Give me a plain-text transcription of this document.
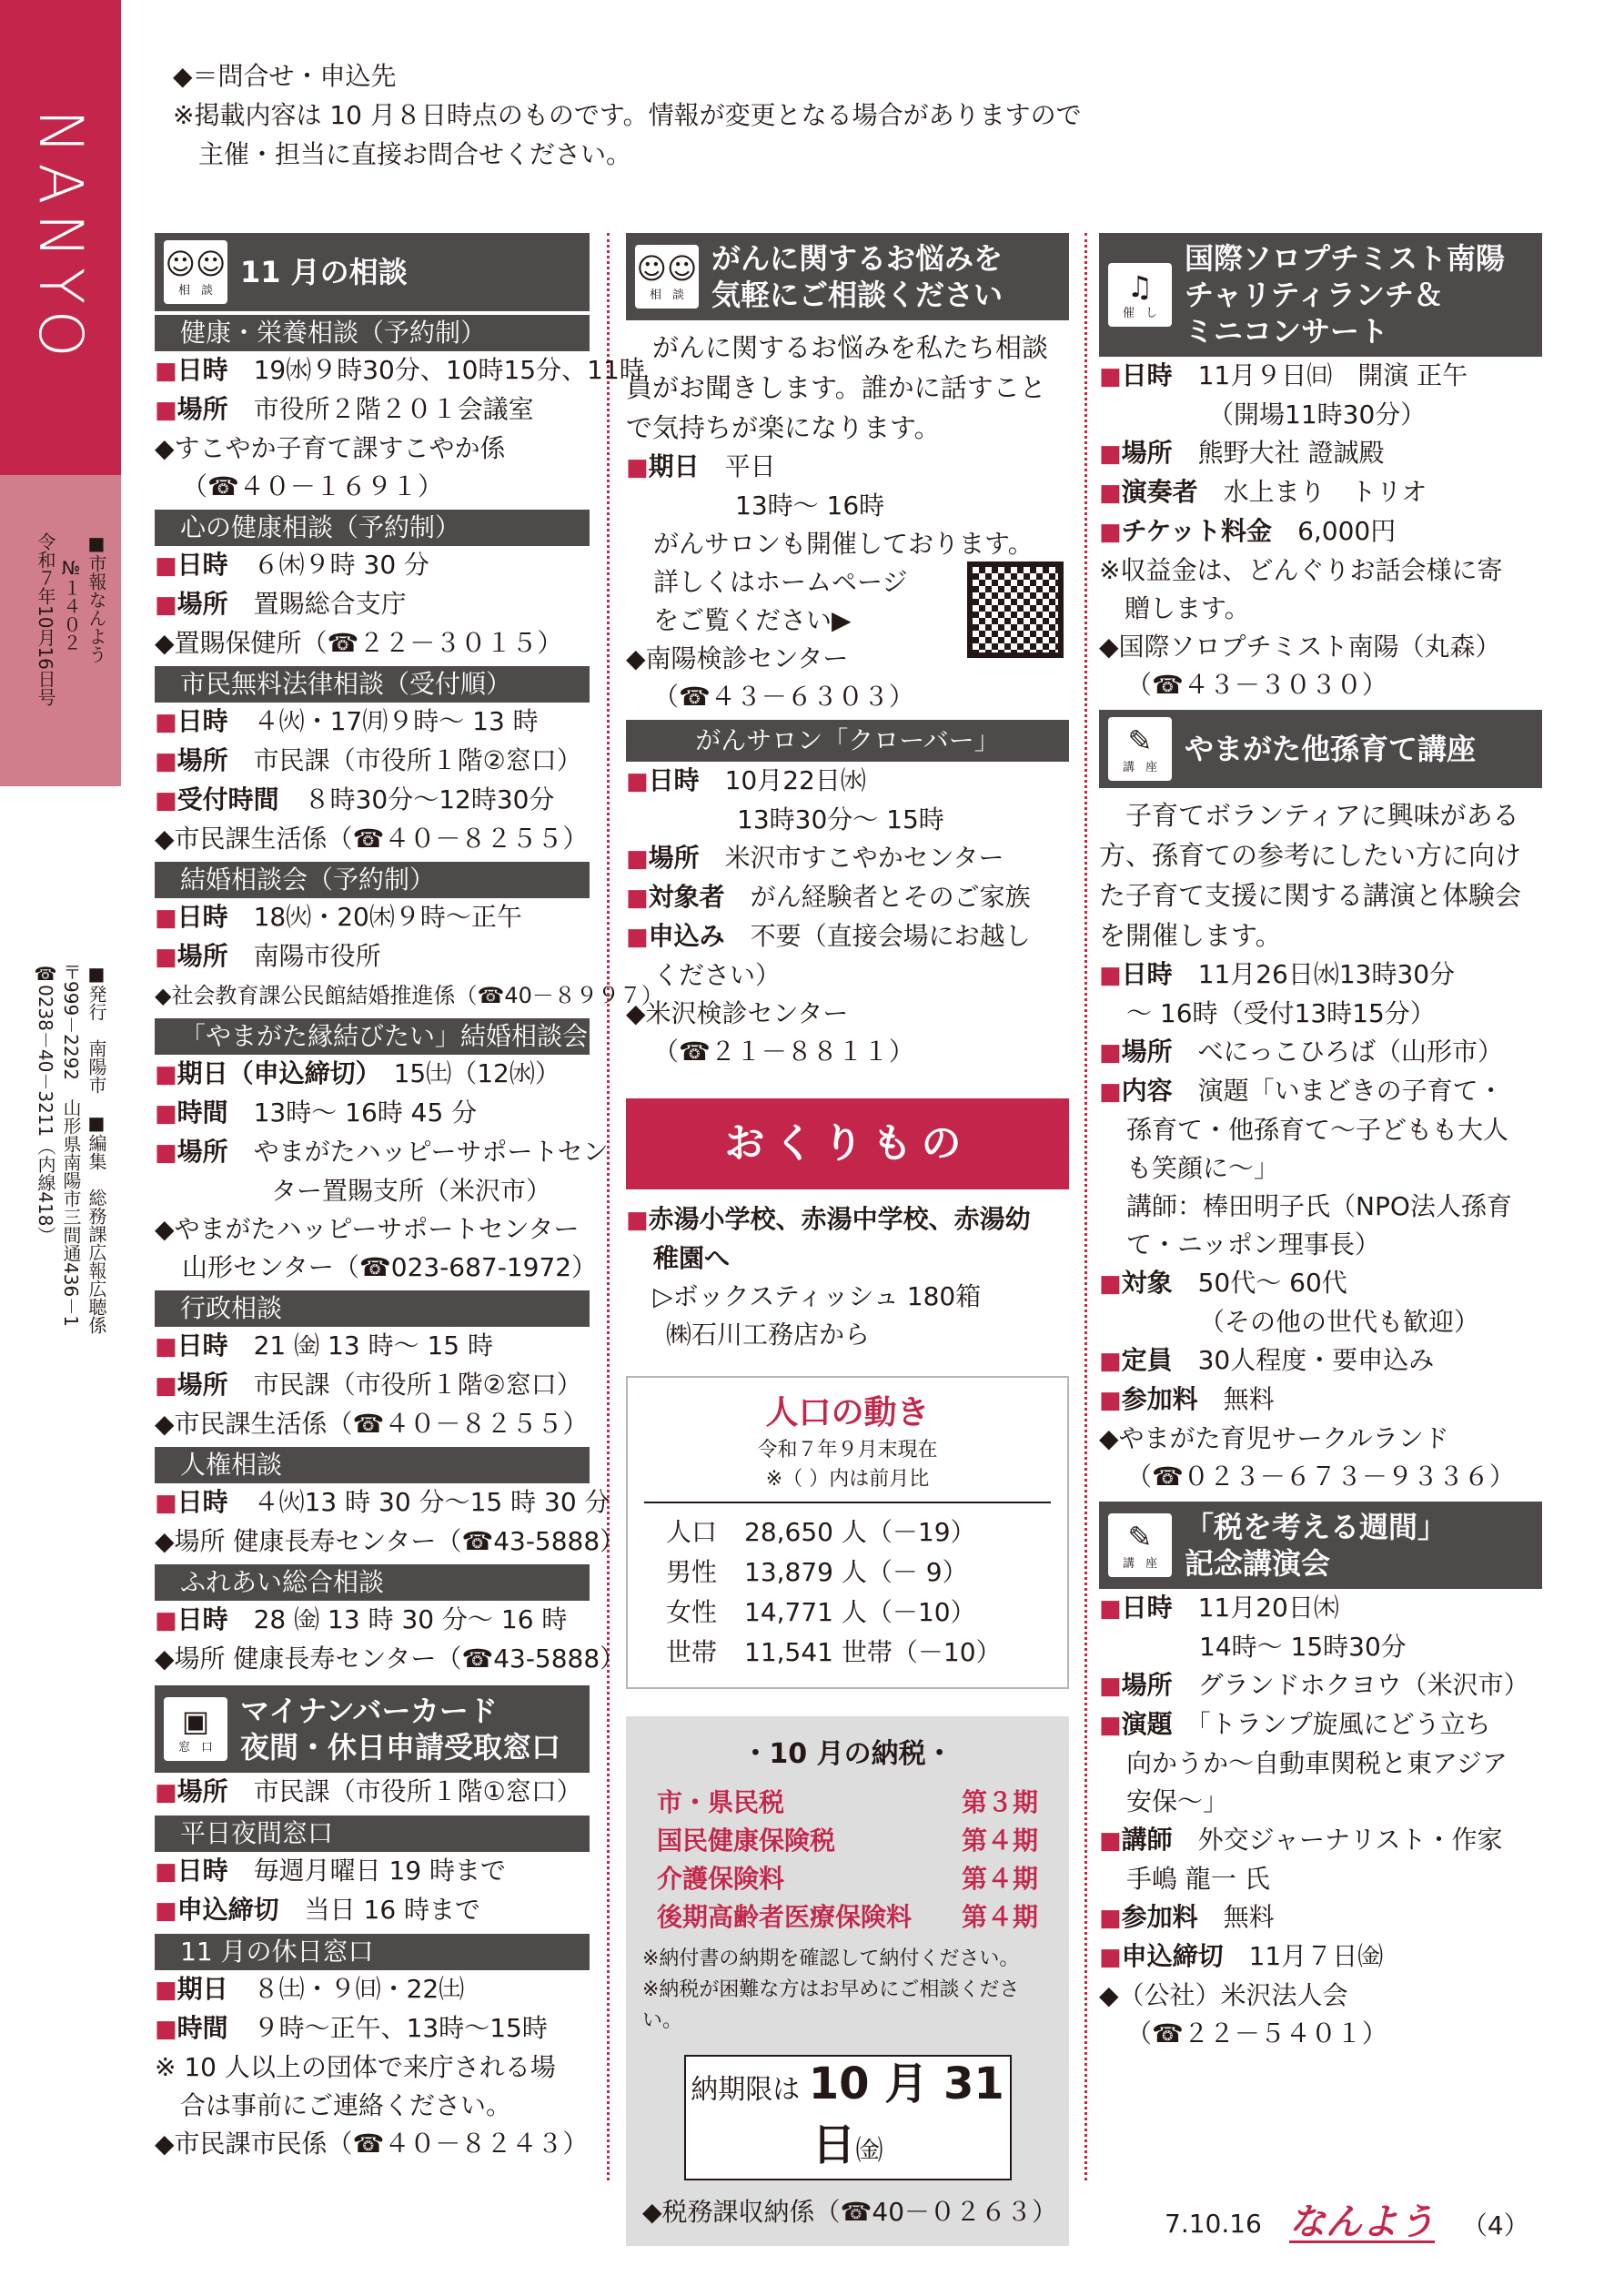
NANYO
■市報なんよう
№１４０２
令和７年10月16日号
■発行　南陽市　■編集　総務課広報広聴係
〒999－2292　山形県南陽市三間通436－1
☎0238－40－3211（内線418）
◆＝問合せ・申込先
※掲載内容は 10 月８日時点のものです。情報が変更となる場合がありますので
　主催・担当に直接お問合せください。
☺☺
相談
11 月の相談
健康・栄養相談（予約制）
■日時　 19㈬９時30分、10時15分、11時
■場所　 市役所２階２０１会議室
◆すこやか子育て課すこやか係
（☎４０－１６９１）
心の健康相談（予約制）
■日時　 ６㈭９時 30 分
■場所　 置賜総合支庁
◆置賜保健所（☎２２－３０１５）
市民無料法律相談（受付順）
■日時　 ４㈫・17㈪９時～ 13 時
■場所　 市民課（市役所１階②窓口）
■受付時間　 ８時30分～12時30分
◆市民課生活係（☎４０－８２５５）
結婚相談会（予約制）
■日時　 18㈫・20㈭９時～正午
■場所　 南陽市役所
◆社会教育課公民館結婚推進係（☎40－８９９７）
「やまがた縁結びたい」結婚相談会
■期日（申込締切）　 15㈯（12㈬）
■時間　 13時～ 16時 45 分
■場所　 やまがたハッピーサポートセン
ター置賜支所（米沢市）
◆やまがたハッピーサポートセンター
山形センター（☎023-687-1972）
行政相談
■日時　 21 ㈮ 13 時～ 15 時
■場所　 市民課（市役所１階②窓口）
◆市民課生活係（☎４０－８２５５）
人権相談
■日時　 ４㈫13 時 30 分～15 時 30 分
◆場所 健康長寿センター（☎43-5888）
ふれあい総合相談
■日時　 28 ㈮ 13 時 30 分～ 16 時
◆場所 健康長寿センター（☎43-5888）
▣
窓口
マイナンバーカード
夜間・休日申請受取窓口
■場所　 市民課（市役所１階①窓口）
平日夜間窓口
■日時　 毎週月曜日 19 時まで
■申込締切　 当日 16 時まで
11 月の休日窓口
■期日　 ８㈯・９㈰・22㈯
■時間　 ９時～正午、13時～15時
※ 10 人以上の団体で来庁される場
　合は事前にご連絡ください。
◆市民課市民係（☎４０－８２４３）
☺☺
相談
がんに関するお悩みを
気軽にご相談ください
がんに関するお悩みを私たち相談員がお聞きします。誰かに話すことで気持ちが楽になります。
■期日　 平日
13時～ 16時
がんサロンも開催しております。
詳しくはホームページ
をご覧ください▶
◆南陽検診センター
（☎４３－６３０３）
がんサロン「クローバー」
■日時　 10月22日㈬
13時30分～ 15時
■場所　 米沢市すこやかセンター
■対象者　 がん経験者とそのご家族
■申込み　 不要（直接会場にお越し
ください）
◆米沢検診センター
（☎２１－８８１１）
おくりもの
■赤湯小学校、赤湯中学校、赤湯幼
稚園へ
▷ボックスティッシュ 180箱
㈱石川工務店から
人口の動き
令和７年９月末現在
※（ ）内は前月比
人口	28,650 人（－19）
男性	13,879 人（－ 9）
女性	14,771 人（－10）
世帯	11,541 世帯（－10）
・10 月の納税・
市・県民税	第３期
国民健康保険税	第４期
介護保険料	第４期
後期高齢者医療保険料 第４期
※納付書の納期を確認して納付ください。
※納税が困難な方はお早めにご相談ください。
納期限は 10 月 31 日㈮
◆税務課収納係（☎40－０２６３）
♫
催し
国際ソロプチミスト南陽
チャリティランチ＆
ミニコンサート
■日時　 11月９日㈰　開演 正午
（開場11時30分）
■場所　 熊野大社 證誠殿
■演奏者　 水上まり　トリオ
■チケット料金　 6,000円
※収益金は、どんぐりお話会様に寄
　贈します。
◆国際ソロプチミスト南陽（丸森）
（☎４３－３０３０）
✎
講座
やまがた他孫育て講座
子育てボランティアに興味がある方、孫育ての参考にしたい方に向けた子育て支援に関する講演と体験会を開催します。
■日時　 11月26日㈬13時30分
～ 16時（受付13時15分）
■場所　 べにっこひろば（山形市）
■内容　 演題「いまどきの子育て・
孫育て・他孫育て～子どもも大人
も笑顔に～」
講師：棒田明子氏（NPO法人孫育
て・ニッポン理事長）
■対象　 50代～ 60代
（その他の世代も歓迎）
■定員　 30人程度・要申込み
■参加料　 無料
◆やまがた育児サークルランド
（☎０２３－６７３－９３３６）
✎
講座
「税を考える週間」
記念講演会
■日時　 11月20日㈭
14時～ 15時30分
■場所　 グランドホクヨウ（米沢市）
■演題　 「トランプ旋風にどう立ち
向かうか～自動車関税と東アジア
安保～」
■講師　 外交ジャーナリスト・作家
手嶋 龍一 氏
■参加料　 無料
■申込締切　 11月７日㈮
◆（公社）米沢法人会
（☎２２－５４０１）
7.10.16 なんよう （4）
